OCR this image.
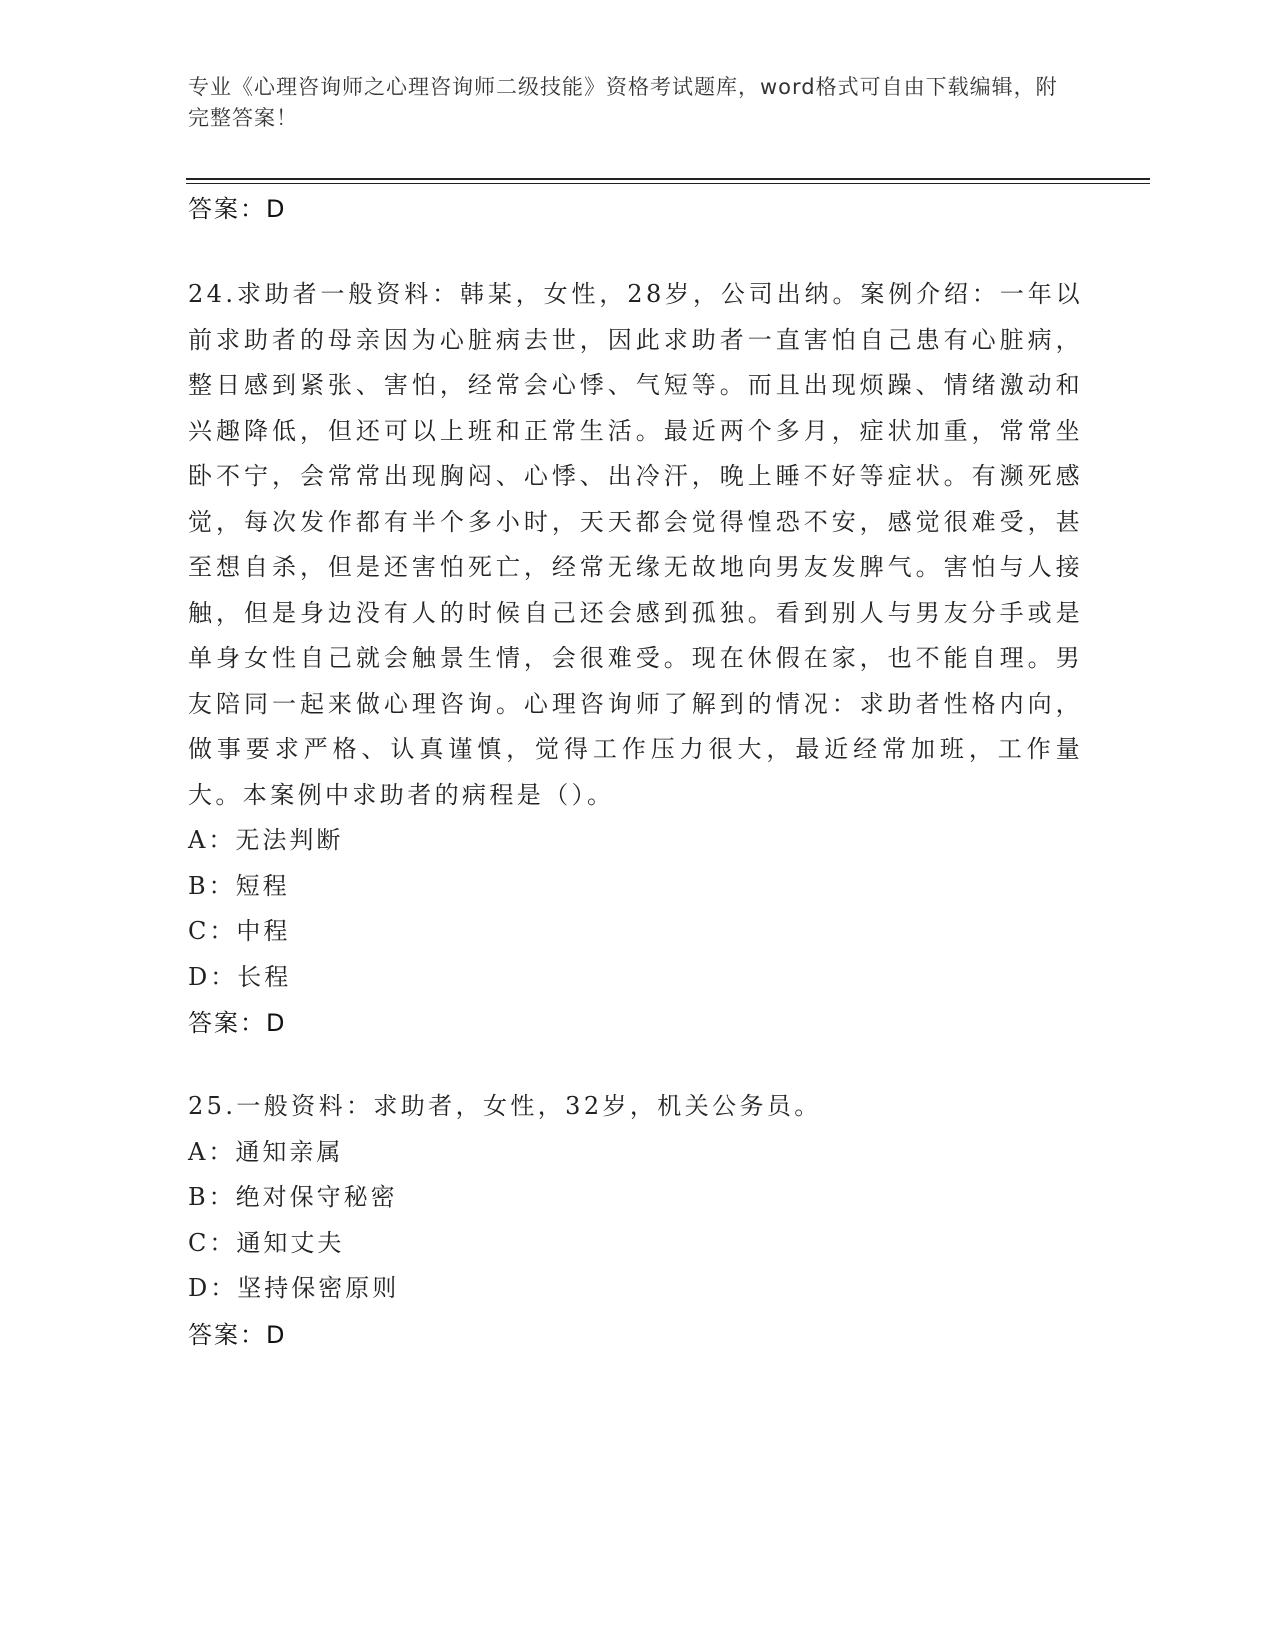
专业《心理咨询师之心理咨询师二级技能》资格考试题库，word格式可自由下载编辑，附完整答案！

答案：D

24.求助者一般资料：韩某，女性，28岁，公司出纳。案例介绍：一年以前求助者的母亲因为心脏病去世，因此求助者一直害怕自己患有心脏病，整日感到紧张、害怕，经常会心悸、气短等。而且出现烦躁、情绪激动和兴趣降低，但还可以上班和正常生活。最近两个多月，症状加重，常常坐卧不宁，会常常出现胸闷、心悸、出冷汗，晚上睡不好等症状。有濒死感觉，每次发作都有半个多小时，天天都会觉得惶恐不安，感觉很难受，甚至想自杀，但是还害怕死亡，经常无缘无故地向男友发脾气。害怕与人接触，但是身边没有人的时候自己还会感到孤独。看到别人与男友分手或是单身女性自己就会触景生情，会很难受。现在休假在家，也不能自理。男友陪同一起来做心理咨询。心理咨询师了解到的情况：求助者性格内向，做事要求严格、认真谨慎，觉得工作压力很大，最近经常加班，工作量大。本案例中求助者的病程是（）。

A：无法判断

B：短程

C：中程

D：长程

答案：D

25.一般资料：求助者，女性，32岁，机关公务员。

A：通知亲属

B：绝对保守秘密

C：通知丈夫

D：坚持保密原则

答案：D
